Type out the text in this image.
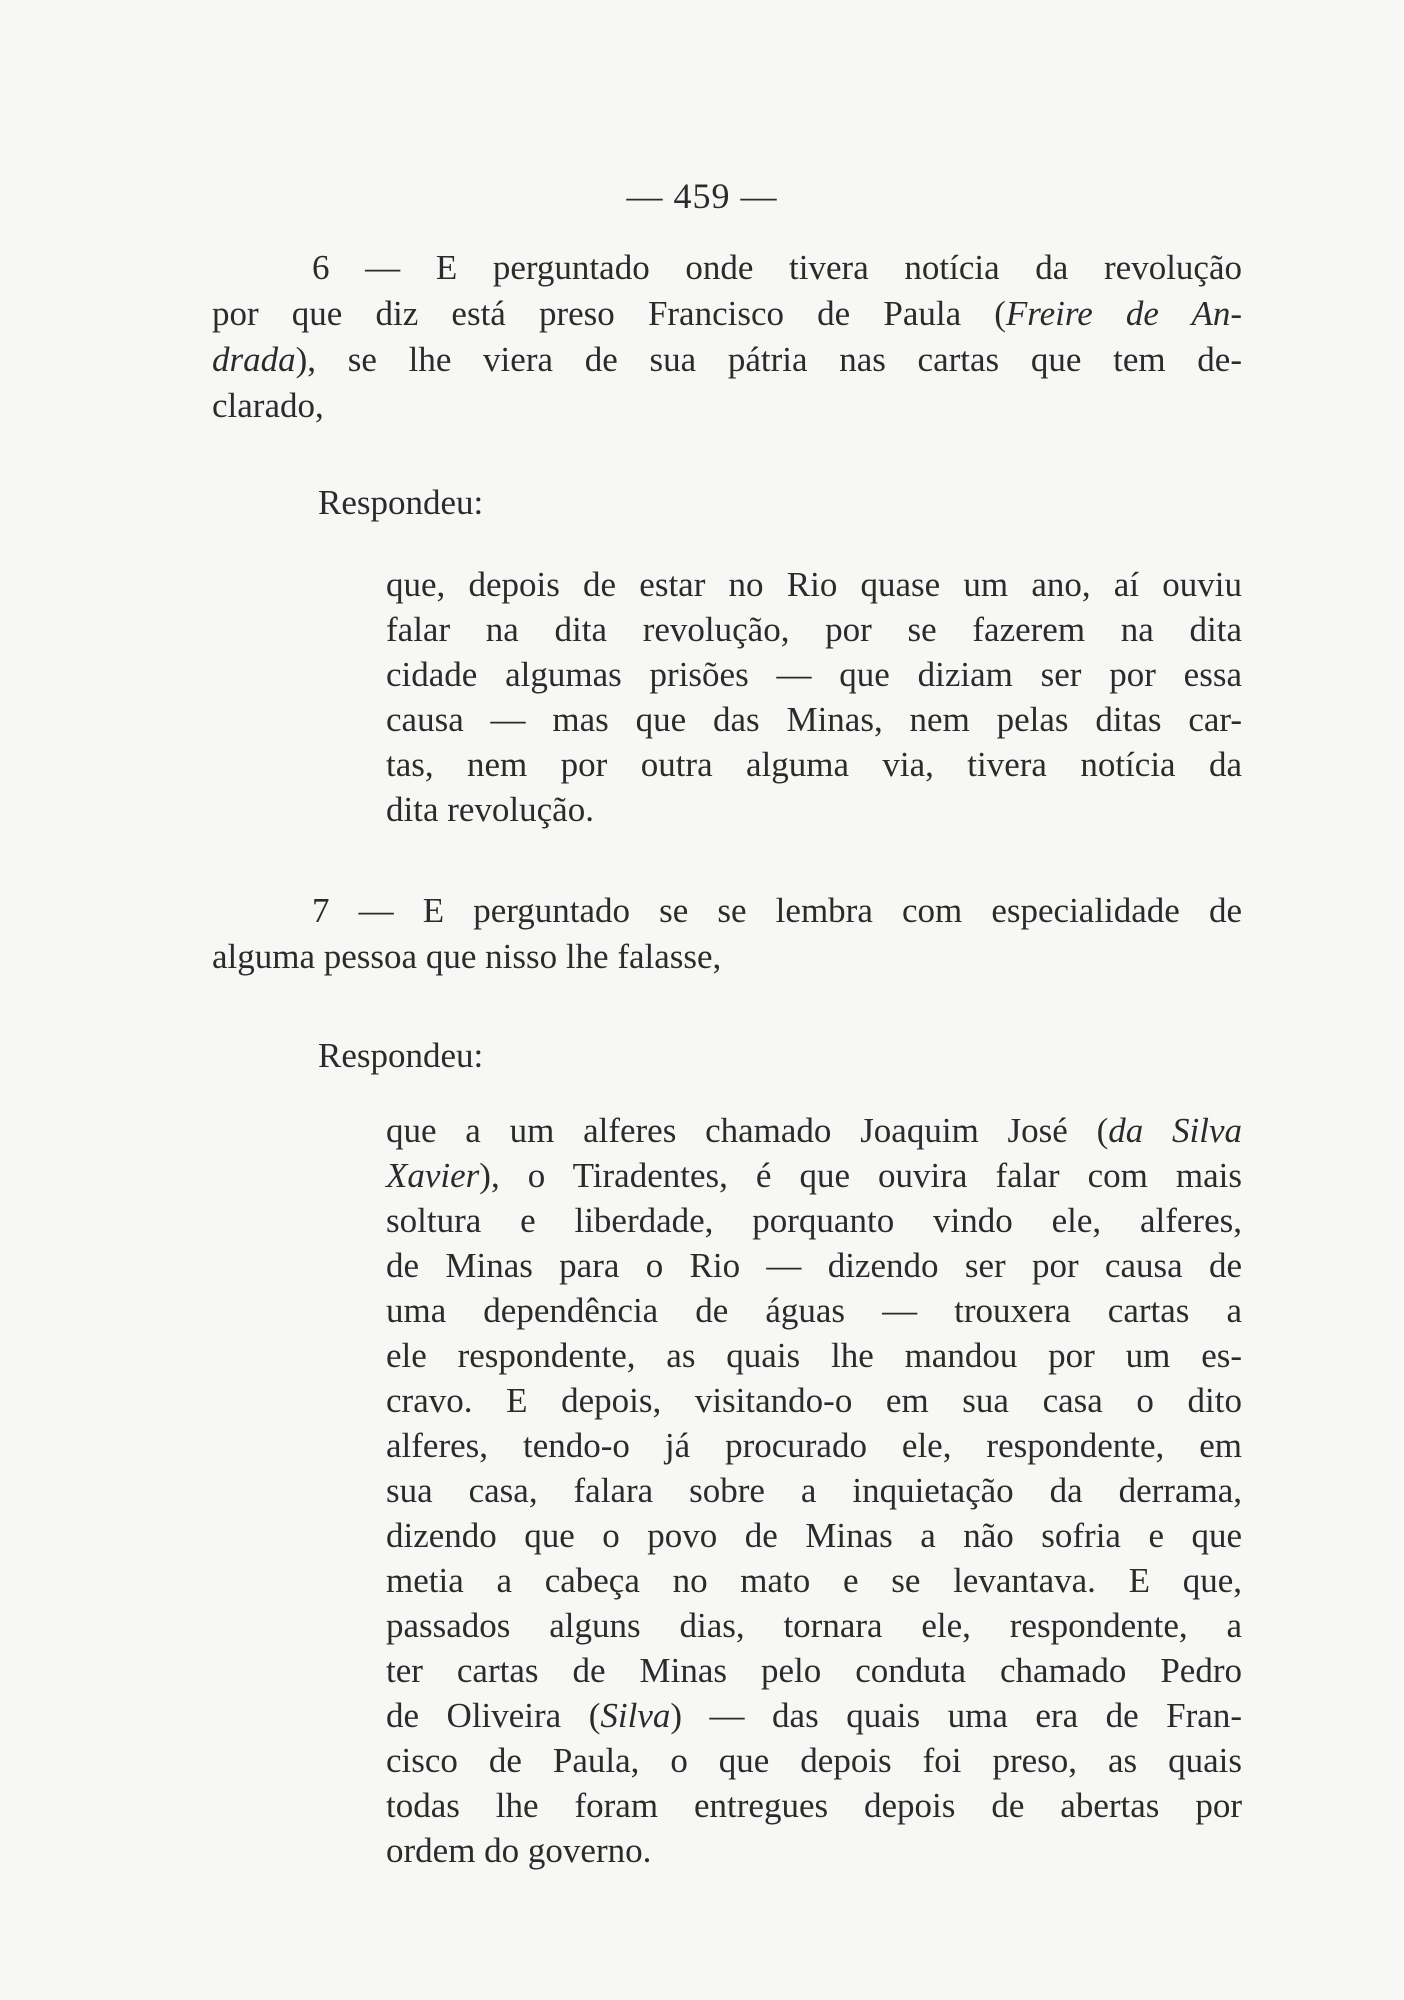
— 459 —
6 — E perguntado onde tivera notícia da revolução
por que diz está preso Francisco de Paula (Freire de An-
drada), se lhe viera de sua pátria nas cartas que tem de-
clarado,
Respondeu:
que, depois de estar no Rio quase um ano, aí ouviu
falar na dita revolução, por se fazerem na dita
cidade algumas prisões — que diziam ser por essa
causa — mas que das Minas, nem pelas ditas car-
tas, nem por outra alguma via, tivera notícia da
dita revolução.
7 — E perguntado se se lembra com especialidade de
alguma pessoa que nisso lhe falasse,
Respondeu:
que a um alferes chamado Joaquim José (da Silva
Xavier), o Tiradentes, é que ouvira falar com mais
soltura e liberdade, porquanto vindo ele, alferes,
de Minas para o Rio — dizendo ser por causa de
uma dependência de águas — trouxera cartas a
ele respondente, as quais lhe mandou por um es-
cravo. E depois, visitando-o em sua casa o dito
alferes, tendo-o já procurado ele, respondente, em
sua casa, falara sobre a inquietação da derrama,
dizendo que o povo de Minas a não sofria e que
metia a cabeça no mato e se levantava. E que,
passados alguns dias, tornara ele, respondente, a
ter cartas de Minas pelo conduta chamado Pedro
de Oliveira (Silva) — das quais uma era de Fran-
cisco de Paula, o que depois foi preso, as quais
todas lhe foram entregues depois de abertas por
ordem do governo.
